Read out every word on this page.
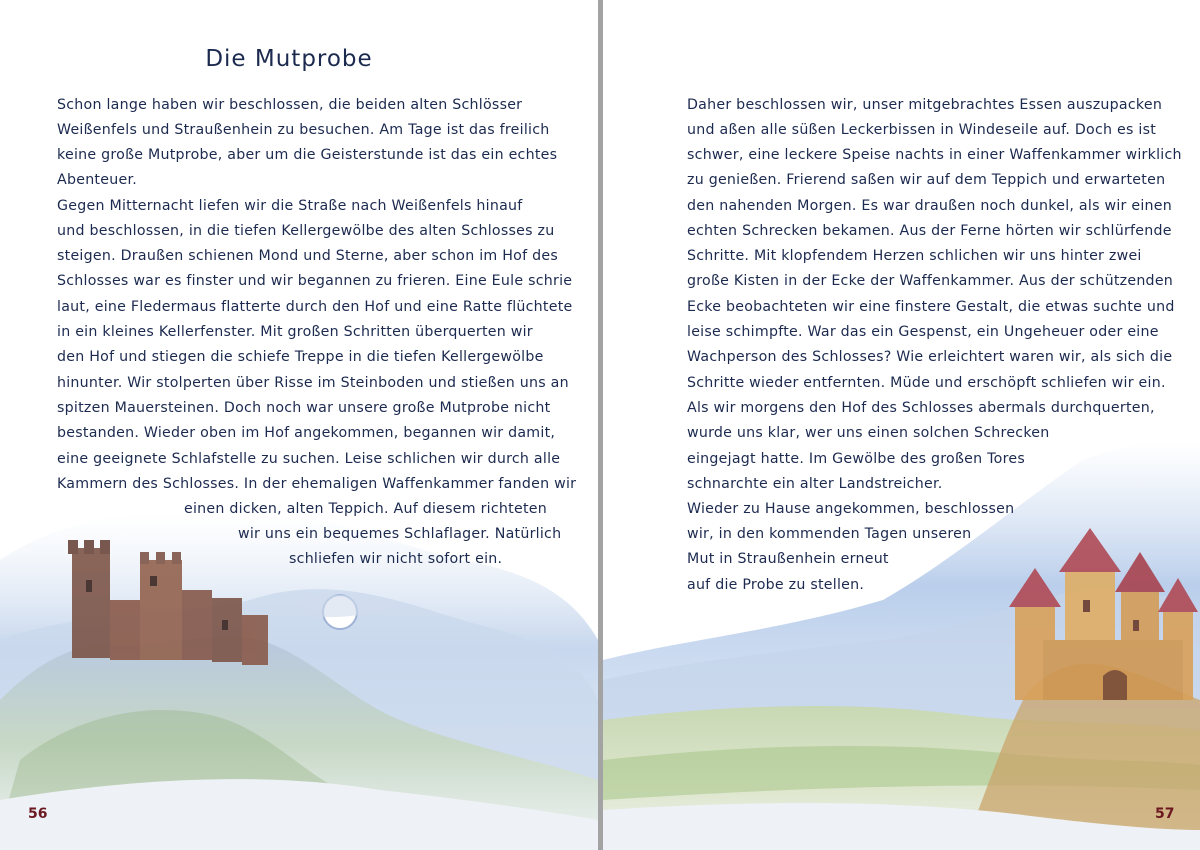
Die Mutprobe

Schon lange haben wir beschlossen, die beiden alten Schlösser

Weißenfels und Straußenhein zu besuchen. Am Tage ist das freilich

keine große Mutprobe, aber um die Geisterstunde ist das ein echtes

Abenteuer.

Gegen Mitternacht liefen wir die Straße nach Weißenfels hinauf

und beschlossen, in die tiefen Kellergewölbe des alten Schlosses zu

steigen. Draußen schienen Mond und Sterne, aber schon im Hof des

Schlosses war es finster und wir begannen zu frieren. Eine Eule schrie

laut, eine Fledermaus flatterte durch den Hof und eine Ratte flüchtete

in ein kleines Kellerfenster. Mit großen Schritten überquerten wir

den Hof und stiegen die schiefe Treppe in die tiefen Kellergewölbe

hinunter. Wir stolperten über Risse im Steinboden und stießen uns an

spitzen Mauersteinen. Doch noch war unsere große Mutprobe nicht

bestanden. Wieder oben im Hof angekommen, begannen wir damit,

eine geeignete Schlafstelle zu suchen. Leise schlichen wir durch alle

Kammern des Schlosses. In der ehemaligen Waffenkammer fanden wir

einen dicken, alten Teppich. Auf diesem richteten

wir uns ein bequemes Schlaflager. Natürlich

schliefen wir nicht sofort ein.

56

Daher beschlossen wir, unser mitgebrachtes Essen auszupacken

und aßen alle süßen Leckerbissen in Windeseile auf. Doch es ist

schwer, eine leckere Speise nachts in einer Waffenkammer wirklich

zu genießen. Frierend saßen wir auf dem Teppich und erwarteten

den nahenden Morgen. Es war draußen noch dunkel, als wir einen

echten Schrecken bekamen. Aus der Ferne hörten wir schlürfende

Schritte. Mit klopfendem Herzen schlichen wir uns hinter zwei

große Kisten in der Ecke der Waffenkammer. Aus der schützenden

Ecke beobachteten wir eine finstere Gestalt, die etwas suchte und

leise schimpfte. War das ein Gespenst, ein Ungeheuer oder eine

Wachperson des Schlosses? Wie erleichtert waren wir, als sich die

Schritte wieder entfernten. Müde und erschöpft schliefen wir ein.

Als wir morgens den Hof des Schlosses abermals durchquerten,

wurde uns klar, wer uns einen solchen Schrecken

eingejagt hatte. Im Gewölbe des großen Tores

schnarchte ein alter Landstreicher.

Wieder zu Hause angekommen, beschlossen

wir, in den kommenden Tagen unseren

Mut in Straußenhein erneut

auf die Probe zu stellen.

57
